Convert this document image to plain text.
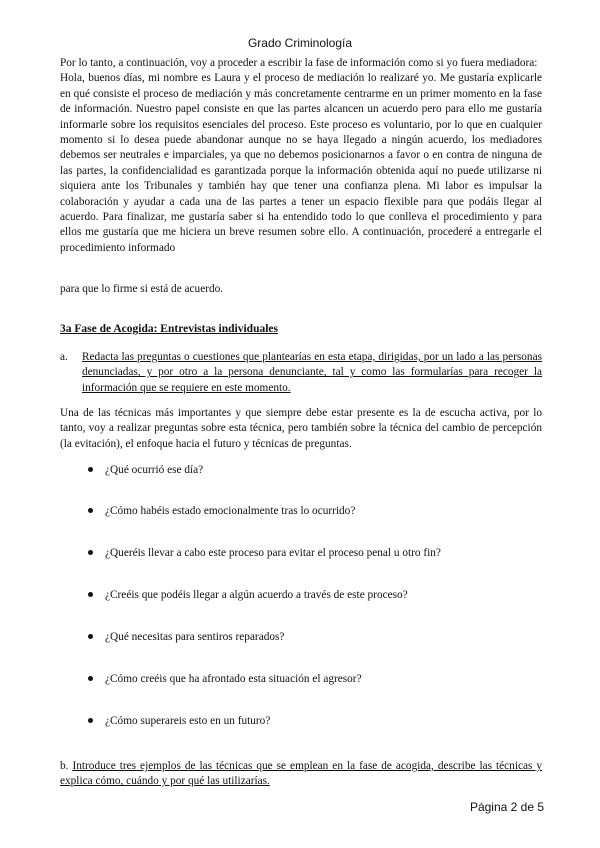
Grado Criminología

Por lo tanto, a continuación, voy a proceder a escribir la fase de información como si yo fuera mediadora:

Hola, buenos días, mi nombre es Laura y el proceso de mediación lo realizaré yo. Me gustaría explicarle en qué consiste el proceso de mediación y más concretamente centrarme en un primer momento en la fase de información. Nuestro papel consiste en que las partes alcancen un acuerdo pero para ello me gustaría informarle sobre los requisitos esenciales del proceso. Este proceso es voluntario, por lo que en cualquier momento si lo desea puede abandonar aunque no se haya llegado a ningún acuerdo, los mediadores debemos ser neutrales e imparciales, ya que no debemos posicionarnos a favor o en contra de ninguna de las partes, la confidencialidad es garantizada porque la información obtenida aquí no puede utilizarse ni siquiera ante los Tribunales y también hay que tener una confianza plena. Mi labor es impulsar la colaboración y ayudar a cada una de las partes a tener un espacio flexible para que podáis llegar al acuerdo. Para finalizar, me gustaría saber si ha entendido todo lo que conlleva el procedimiento y para ellos me gustaría que me hiciera un breve resumen sobre ello. A continuación, procederé a entregarle el procedimiento informado

para que lo firme si está de acuerdo.
3a Fase de Acogida: Entrevistas individuales
a.	Redacta las preguntas o cuestiones que plantearías en esta etapa, dirigidas, por un lado a las personas denunciadas, y por otro a la persona denunciante, tal y como las formularías para recoger la información que se requiere en este momento.
Una de las técnicas más importantes y que siempre debe estar presente es la de escucha activa, por lo tanto, voy a realizar preguntas sobre esta técnica, pero también sobre la técnica del cambio de percepción (la evitación), el enfoque hacia el futuro y técnicas de preguntas.
¿Qué ocurrió ese día?
¿Cómo habéis estado emocionalmente tras lo ocurrido?
¿Queréis llevar a cabo este proceso para evitar el proceso penal u otro fin?
¿Creéis que podéis llegar a algún acuerdo a través de este proceso?
¿Qué necesitas para sentiros reparados?
¿Cómo creéis que ha afrontado esta situación el agresor?
¿Cómo superareis esto en un futuro?
b. Introduce tres ejemplos de las técnicas que se emplean en la fase de acogida, describe las técnicas y explica cómo, cuándo y por qué las utilizarías.
Página 2 de 5
